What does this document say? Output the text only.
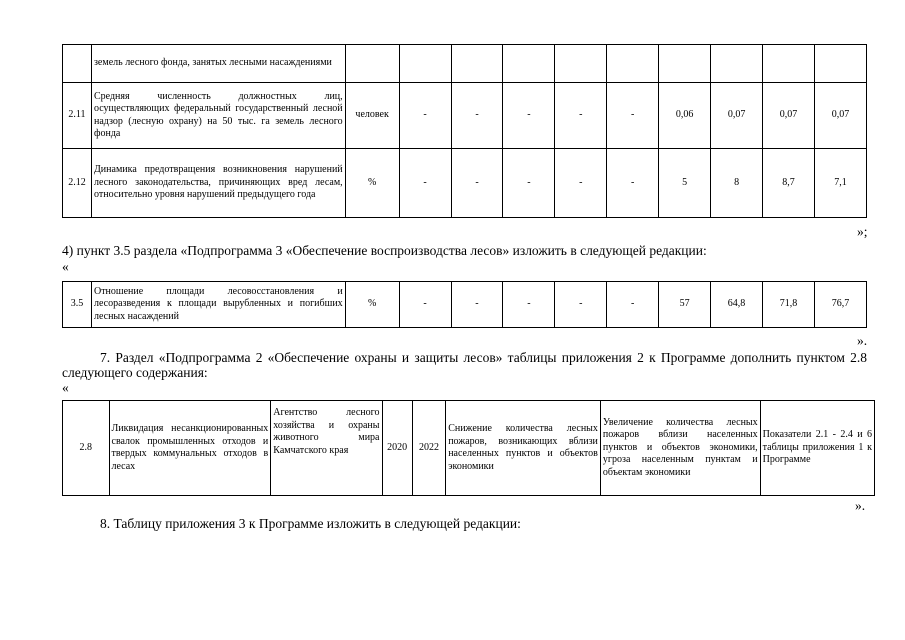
	земель лесного фонда, занятых лесными насаждениями										
2.11	Средняя численность должностных лиц, осуществляющих федеральный государственный лесной надзор (лесную охрану) на 50 тыс. га земель лесного фонда	человек	-	-	-	-	-	0,06	0,07	0,07	0,07
2.12	Динамика предотвращения возникновения нарушений лесного законодательства, причиняющих вред лесам, относительно уровня нарушений предыдущего года	%	-	-	-	-	-	5	8	8,7	7,1
»;
4) пункт 3.5 раздела «Подпрограмма 3 «Обеспечение воспроизводства лесов» изложить в следующей редакции:
«
3.5	Отношение площади лесовосстановления и лесоразведения к площади вырубленных и погибших лесных насаждений	%	-	-	-	-	-	57	64,8	71,8	76,7
».
7. Раздел «Подпрограмма 2 «Обеспечение охраны и защиты лесов» таблицы приложения 2 к Программе дополнить пунктом 2.8 следующего содержания:
«
2.8	Ликвидация несанкционированных свалок промышленных отходов и твердых коммунальных отходов в лесах	Агентство лесного хозяйства и охраны животного мира Камчатского края	2020	2022	Снижение количества лесных пожаров, возникающих вблизи населенных пунктов и объектов экономики	Увеличение количества лесных пожаров вблизи населенных пунктов и объектов экономики, угроза населенным пунктам и объектам экономики	Показатели 2.1 - 2.4 и 6 таблицы приложения 1 к Программе
».
8. Таблицу приложения 3 к Программе изложить в следующей редакции:
